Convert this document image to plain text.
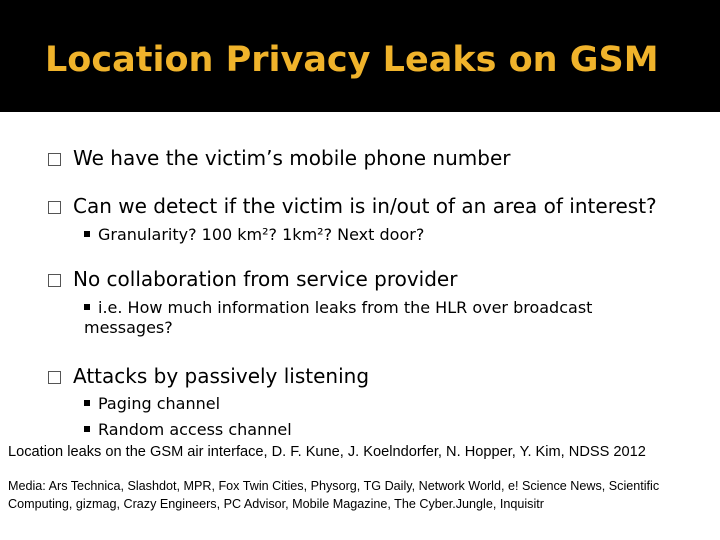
Location Privacy Leaks on GSM
We have the victim’s mobile phone number
Can we detect if the victim is in/out of an area of interest?
Granularity? 100 km²? 1km²? Next door?
No collaboration from service provider
i.e. How much information leaks from the HLR over broadcast messages?
Attacks by passively listening
Paging channel
Random access channel
Location leaks on the GSM air interface, D. F. Kune, J. Koelndorfer, N. Hopper, Y. Kim, NDSS 2012
Media: Ars Technica, Slashdot, MPR, Fox Twin Cities, Physorg, TG Daily, Network World, e! Science News, Scientific Computing, gizmag, Crazy Engineers, PC Advisor, Mobile Magazine, The Cyber.Jungle, Inquisitr
